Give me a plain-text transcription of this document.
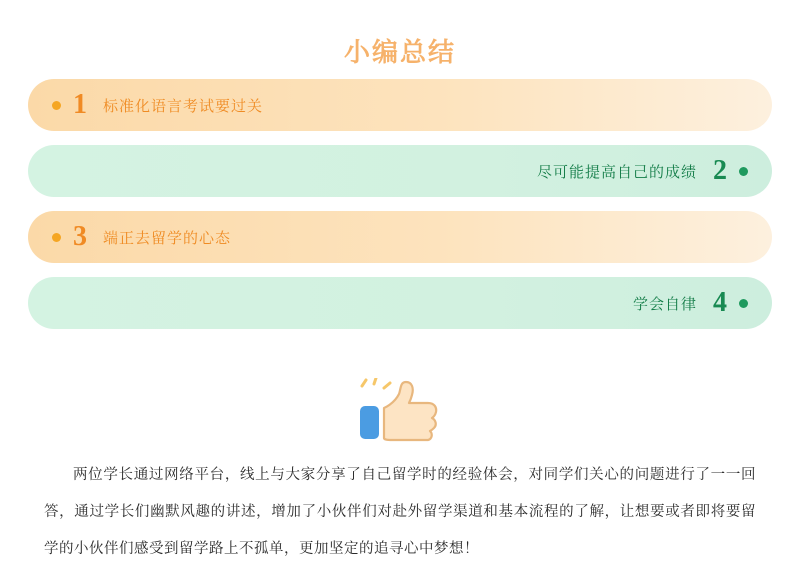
小编总结
1 标准化语言考试要过关
尽可能提高自己的成绩 2
3 端正去留学的心态
学会自律 4
两位学长通过网络平台，线上与大家分享了自己留学时的经验体会，对同学们关心的问题进行了一一回答，通过学长们幽默风趣的讲述，增加了小伙伴们对赴外留学渠道和基本流程的了解，让想要或者即将要留学的小伙伴们感受到留学路上不孤单，更加坚定的追寻心中梦想！
